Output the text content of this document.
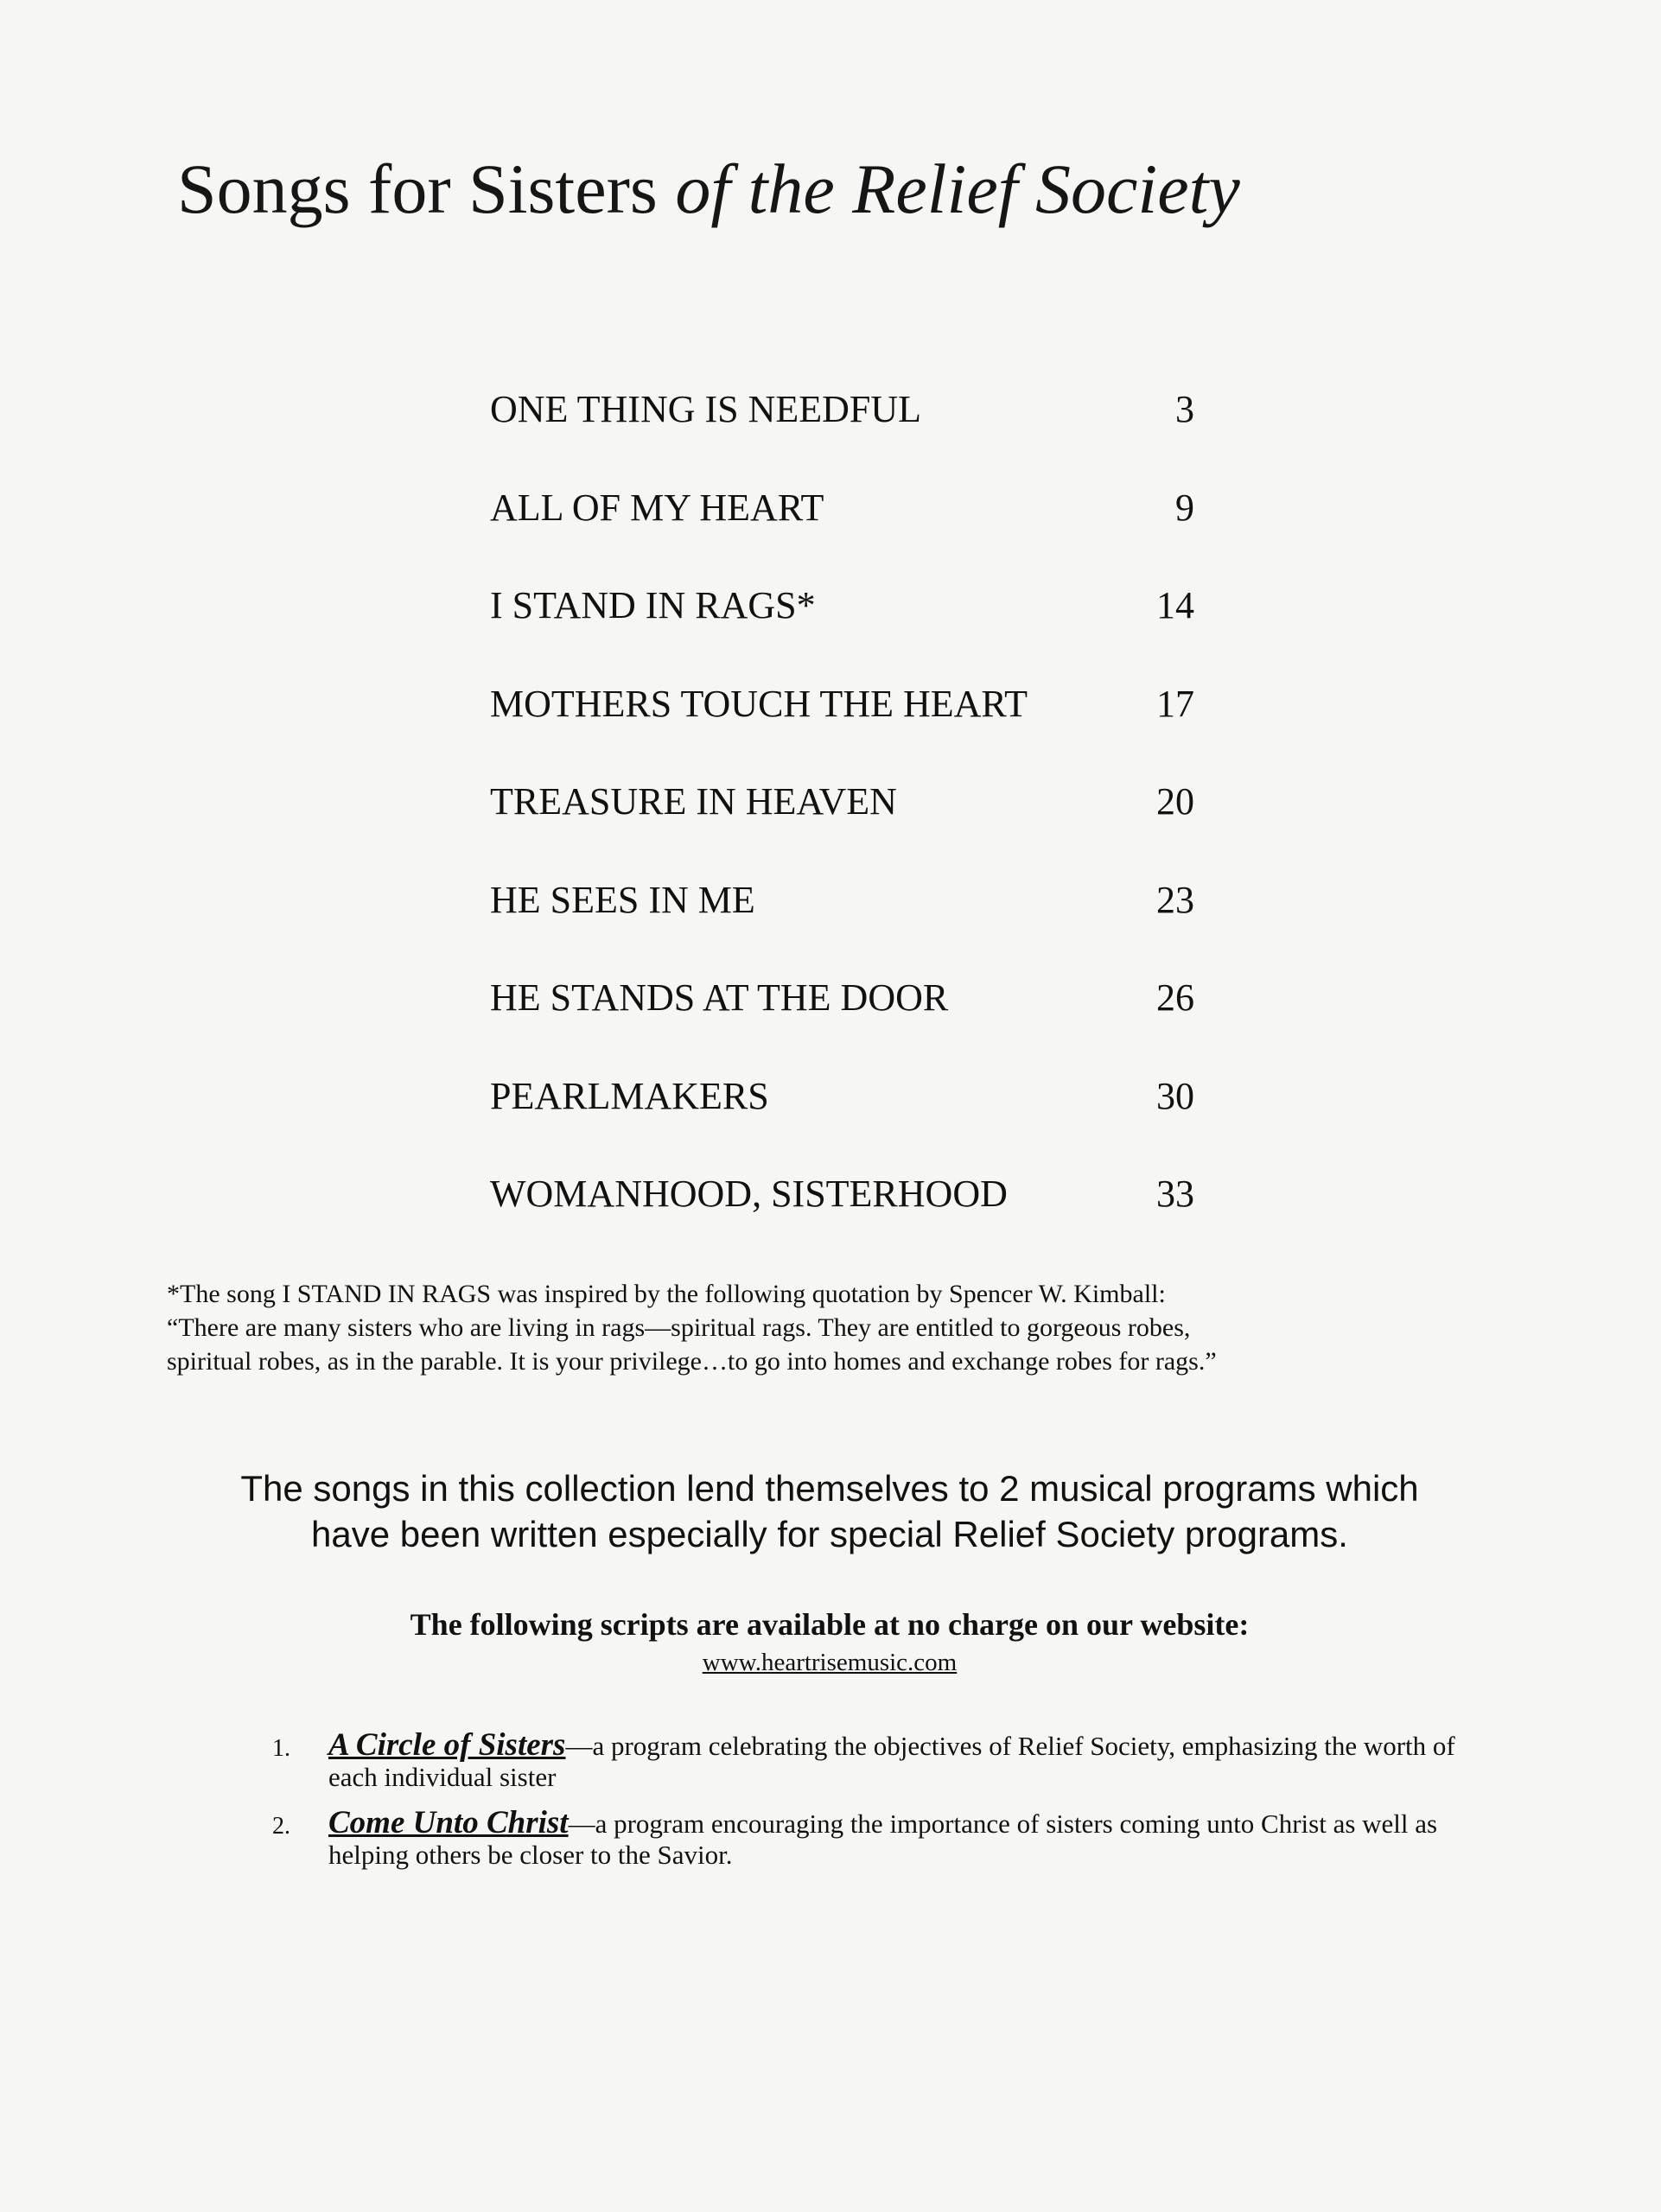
Songs for Sisters of the Relief Society
ONE THING IS NEEDFUL	3
ALL OF MY HEART	9
I STAND IN RAGS*	14
MOTHERS TOUCH THE HEART	17
TREASURE IN HEAVEN	20
HE SEES IN ME	23
HE STANDS AT THE DOOR	26
PEARLMAKERS	30
WOMANHOOD, SISTERHOOD	33

*The song I STAND IN RAGS was inspired by the following quotation by Spencer W. Kimball:

“There are many sisters who are living in rags—spiritual rags. They are entitled to gorgeous robes,

spiritual robes, as in the parable. It is your privilege…to go into homes and exchange robes for rags.”

The songs in this collection lend themselves to 2 musical programs which

have been written especially for special Relief Society programs.

The following scripts are available at no charge on our website:
www.heartrisemusic.com
1. A Circle of Sisters—a program celebrating the objectives of Relief Society, emphasizing the worth of each individual sister
2. Come Unto Christ—a program encouraging the importance of sisters coming unto Christ as well as helping others be closer to the Savior.
